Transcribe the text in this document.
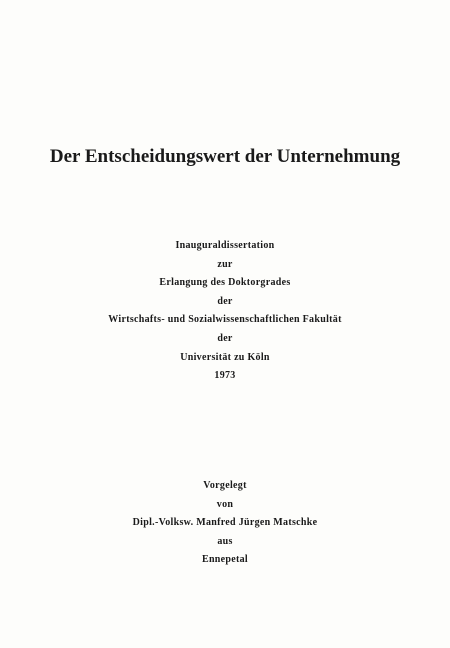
Der Entscheidungswert der Unternehmung
Inauguraldissertation
zur
Erlangung des Doktorgrades
der
Wirtschafts- und Sozialwissenschaftlichen Fakultät
der
Universität zu Köln
1973
Vorgelegt
von
Dipl.-Volksw. Manfred Jürgen Matschke
aus
Ennepetal
